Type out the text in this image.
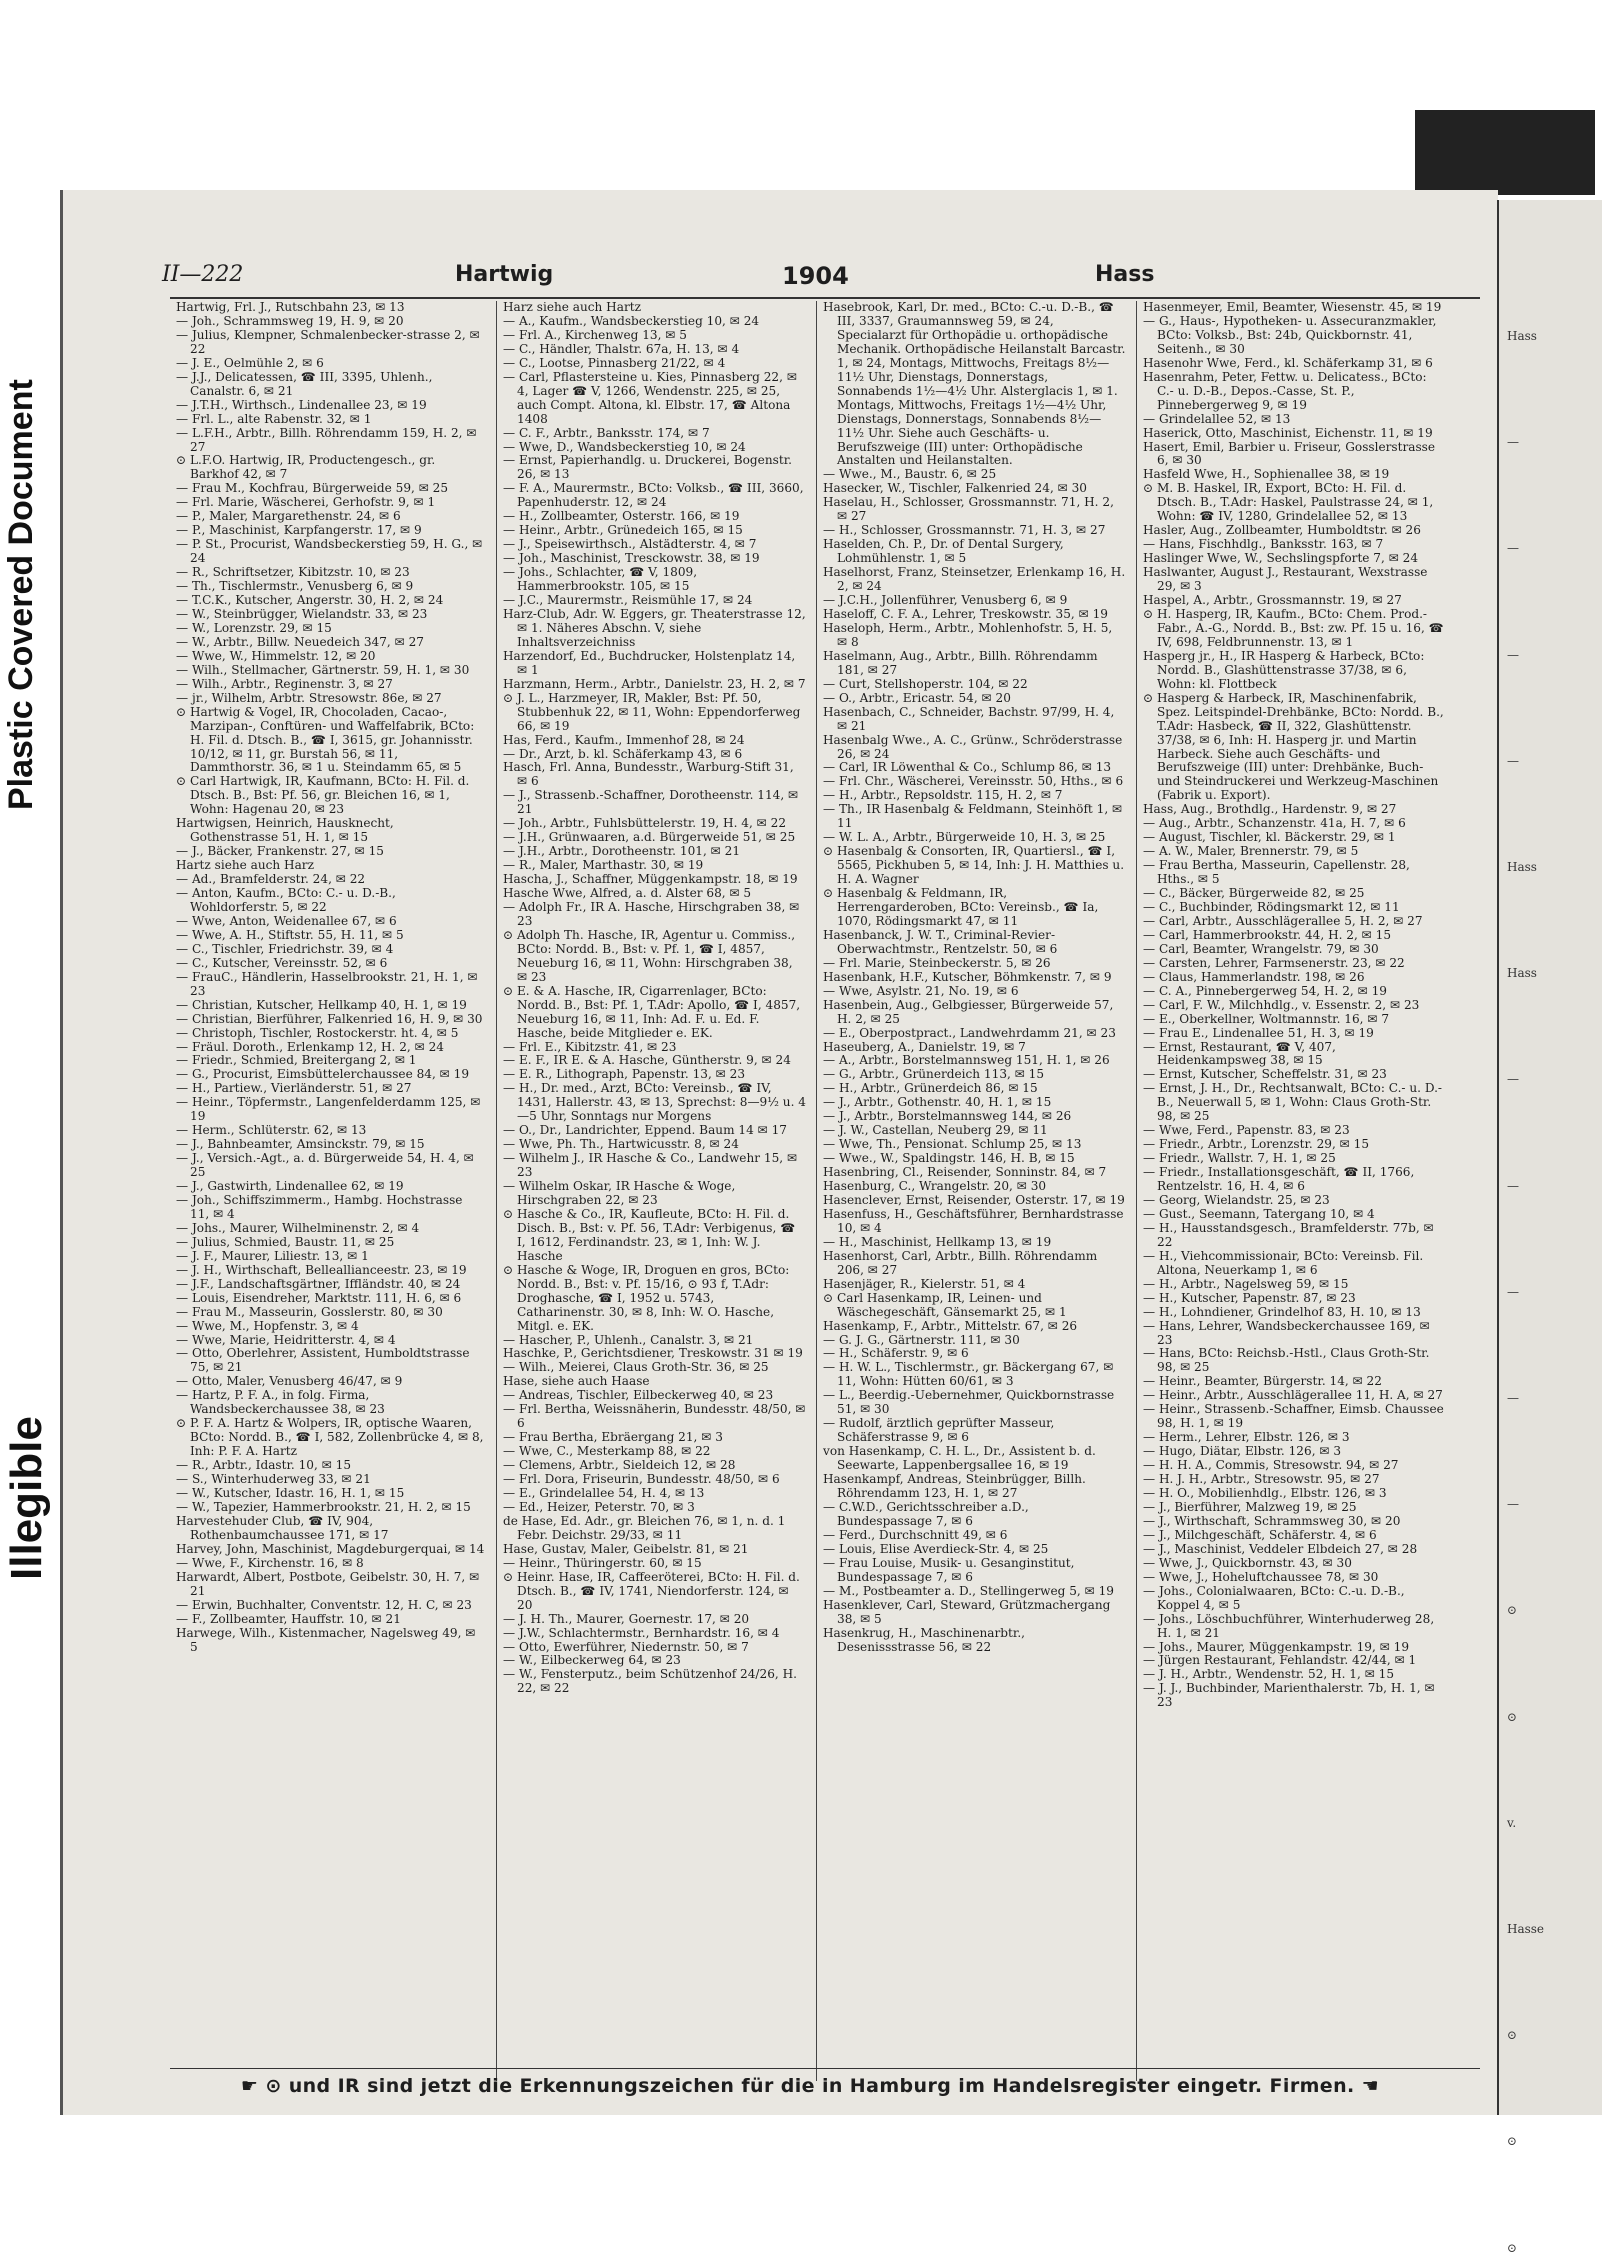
Plastic Covered Document
Illegible
Hass
—
—
—
—
Hass
Hass
—
—
—
—
—
⊙
⊙
v.
Hasse
⊙
⊙
⊙
II—222	Hartwig	1904	Hass
Hartwig, Frl. J., Rutschbahn 23, ✉ 13
— Joh., Schrammsweg 19, H. 9, ✉ 20
— Julius, Klempner, Schmalenbecker-strasse 2, ✉ 22
— J. E., Oelmühle 2, ✉ 6
— J.J., Delicatessen, ☎ III, 3395, Uhlenh., Canalstr. 6, ✉ 21
— J.T.H., Wirthsch., Lindenallee 23, ✉ 19
— Frl. L., alte Rabenstr. 32, ✉ 1
— L.F.H., Arbtr., Billh. Röhrendamm 159, H. 2, ✉ 27
⊙ L.F.O. Hartwig, IR, Productengesch., gr. Barkhof 42, ✉ 7
— Frau M., Kochfrau, Bürgerweide 59, ✉ 25
— Frl. Marie, Wäscherei, Gerhofstr. 9, ✉ 1
— P., Maler, Margarethenstr. 24, ✉ 6
— P., Maschinist, Karpfangerstr. 17, ✉ 9
— P. St., Procurist, Wandsbeckerstieg 59, H. G., ✉ 24
— R., Schriftsetzer, Kibitzstr. 10, ✉ 23
— Th., Tischlermstr., Venusberg 6, ✉ 9
— T.C.K., Kutscher, Angerstr. 30, H. 2, ✉ 24
— W., Steinbrügger, Wielandstr. 33, ✉ 23
— W., Lorenzstr. 29, ✉ 15
— W., Arbtr., Billw. Neuedeich 347, ✉ 27
— Wwe, W., Himmelstr. 12, ✉ 20
— Wilh., Stellmacher, Gärtnerstr. 59, H. 1, ✉ 30
— Wilh., Arbtr., Reginenstr. 3, ✉ 27
— jr., Wilhelm, Arbtr. Stresowstr. 86e, ✉ 27
⊙ Hartwig & Vogel, IR, Chocoladen, Cacao-, Marzipan-, Conftüren- und Waffelfabrik, BCto: H. Fil. d. Dtsch. B., ☎ I, 3615, gr. Johannisstr. 10/12, ✉ 11, gr. Burstah 56, ✉ 11, Dammthorstr. 36, ✉ 1 u. Steindamm 65, ✉ 5
⊙ Carl Hartwigk, IR, Kaufmann, BCto: H. Fil. d. Dtsch. B., Bst: Pf. 56, gr. Bleichen 16, ✉ 1, Wohn: Hagenau 20, ✉ 23
Hartwigsen, Heinrich, Hausknecht, Gothenstrasse 51, H. 1, ✉ 15
— J., Bäcker, Frankenstr. 27, ✉ 15
Hartz siehe auch Harz
— Ad., Bramfelderstr. 24, ✉ 22
— Anton, Kaufm., BCto: C.- u. D.-B., Wohldorferstr. 5, ✉ 22
— Wwe, Anton, Weidenallee 67, ✉ 6
— Wwe, A. H., Stiftstr. 55, H. 11, ✉ 5
— C., Tischler, Friedrichstr. 39, ✉ 4
— C., Kutscher, Vereinsstr. 52, ✉ 6
— FrauC., Händlerin, Hasselbrookstr. 21, H. 1, ✉ 23
— Christian, Kutscher, Hellkamp 40, H. 1, ✉ 19
— Christian, Bierführer, Falkenried 16, H. 9, ✉ 30
— Christoph, Tischler, Rostockerstr. ht. 4, ✉ 5
— Fräul. Doroth., Erlenkamp 12, H. 2, ✉ 24
— Friedr., Schmied, Breitergang 2, ✉ 1
— G., Procurist, Eimsbüttelerchaussee 84, ✉ 19
— H., Partiew., Vierländerstr. 51, ✉ 27
— Heinr., Töpfermstr., Langenfelderdamm 125, ✉ 19
— Herm., Schlüterstr. 62, ✉ 13
— J., Bahnbeamter, Amsinckstr. 79, ✉ 15
— J., Versich.-Agt., a. d. Bürgerweide 54, H. 4, ✉ 25
— J., Gastwirth, Lindenallee 62, ✉ 19
— Joh., Schiffszimmerm., Hambg. Hochstrasse 11, ✉ 4
— Johs., Maurer, Wilhelminenstr. 2, ✉ 4
— Julius, Schmied, Baustr. 11, ✉ 25
— J. F., Maurer, Liliestr. 13, ✉ 1
— J. H., Wirthschaft, Belleallianceestr. 23, ✉ 19
— J.F., Landschaftsgärtner, Iffländstr. 40, ✉ 24
— Louis, Eisendreher, Marktstr. 111, H. 6, ✉ 6
— Frau M., Masseurin, Gosslerstr. 80, ✉ 30
— Wwe, M., Hopfenstr. 3, ✉ 4
— Wwe, Marie, Heidritterstr. 4, ✉ 4
— Otto, Oberlehrer, Assistent, Humboldtstrasse 75, ✉ 21
— Otto, Maler, Venusberg 46/47, ✉ 9
— Hartz, P. F. A., in folg. Firma, Wandsbeckerchaussee 38, ✉ 23
⊙ P. F. A. Hartz & Wolpers, IR, optische Waaren, BCto: Nordd. B., ☎ I, 582, Zollenbrücke 4, ✉ 8, Inh: P. F. A. Hartz
— R., Arbtr., Idastr. 10, ✉ 15
— S., Winterhuderweg 33, ✉ 21
— W., Kutscher, Idastr. 16, H. 1, ✉ 15
— W., Tapezier, Hammerbrookstr. 21, H. 2, ✉ 15
Harvestehuder Club, ☎ IV, 904, Rothenbaumchaussee 171, ✉ 17
Harvey, John, Maschinist, Magdeburgerquai, ✉ 14
— Wwe, F., Kirchenstr. 16, ✉ 8
Harwardt, Albert, Postbote, Geibelstr. 30, H. 7, ✉ 21
— Erwin, Buchhalter, Conventstr. 12, H. C, ✉ 23
— F., Zollbeamter, Hauffstr. 10, ✉ 21
Harwege, Wilh., Kistenmacher, Nagelsweg 49, ✉ 5
Harz siehe auch Hartz
— A., Kaufm., Wandsbeckerstieg 10, ✉ 24
— Frl. A., Kirchenweg 13, ✉ 5
— C., Händler, Thalstr. 67a, H. 13, ✉ 4
— C., Lootse, Pinnasberg 21/22, ✉ 4
— Carl, Pflastersteine u. Kies, Pinnasberg 22, ✉ 4, Lager ☎ V, 1266, Wendenstr. 225, ✉ 25, auch Compt. Altona, kl. Elbstr. 17, ☎ Altona 1408
— C. F., Arbtr., Banksstr. 174, ✉ 7
— Wwe, D., Wandsbeckerstieg 10, ✉ 24
— Ernst, Papierhandlg. u. Druckerei, Bogenstr. 26, ✉ 13
— F. A., Maurermstr., BCto: Volksb., ☎ III, 3660, Papenhuderstr. 12, ✉ 24
— H., Zollbeamter, Osterstr. 166, ✉ 19
— Heinr., Arbtr., Grünedeich 165, ✉ 15
— J., Speisewirthsch., Alstädterstr. 4, ✉ 7
— Joh., Maschinist, Tresckowstr. 38, ✉ 19
— Johs., Schlachter, ☎ V, 1809, Hammerbrookstr. 105, ✉ 15
— J.C., Maurermstr., Reismühle 17, ✉ 24
Harz-Club, Adr. W. Eggers, gr. Theaterstrasse 12, ✉ 1. Näheres Abschn. V, siehe Inhaltsverzeichniss
Harzendorf, Ed., Buchdrucker, Holstenplatz 14, ✉ 1
Harzmann, Herm., Arbtr., Danielstr. 23, H. 2, ✉ 7
⊙ J. L., Harzmeyer, IR, Makler, Bst: Pf. 50, Stubbenhuk 22, ✉ 11, Wohn: Eppendorferweg 66, ✉ 19
Has, Ferd., Kaufm., Immenhof 28, ✉ 24
— Dr., Arzt, b. kl. Schäferkamp 43, ✉ 6
Hasch, Frl. Anna, Bundesstr., Warburg-Stift 31, ✉ 6
— J., Strassenb.-Schaffner, Dorotheenstr. 114, ✉ 21
— Joh., Arbtr., Fuhlsbüttelerstr. 19, H. 4, ✉ 22
— J.H., Grünwaaren, a.d. Bürgerweide 51, ✉ 25
— J.H., Arbtr., Dorotheenstr. 101, ✉ 21
— R., Maler, Marthastr. 30, ✉ 19
Hascha, J., Schaffner, Müggenkampstr. 18, ✉ 19
Hasche Wwe, Alfred, a. d. Alster 68, ✉ 5
— Adolph Fr., IR A. Hasche, Hirschgraben 38, ✉ 23
⊙ Adolph Th. Hasche, IR, Agentur u. Commiss., BCto: Nordd. B., Bst: v. Pf. 1, ☎ I, 4857, Neueburg 16, ✉ 11, Wohn: Hirschgraben 38, ✉ 23
⊙ E. & A. Hasche, IR, Cigarrenlager, BCto: Nordd. B., Bst: Pf. 1, T.Adr: Apollo, ☎ I, 4857, Neueburg 16, ✉ 11, Inh: Ad. F. u. Ed. F. Hasche, beide Mitglieder e. EK.
— Frl. E., Kibitzstr. 41, ✉ 23
— E. F., IR E. & A. Hasche, Güntherstr. 9, ✉ 24
— E. R., Lithograph, Papenstr. 13, ✉ 23
— H., Dr. med., Arzt, BCto: Vereinsb., ☎ IV, 1431, Hallerstr. 43, ✉ 13, Sprechst: 8—9½ u. 4—5 Uhr, Sonntags nur Morgens
— O., Dr., Landrichter, Eppend. Baum 14 ✉ 17
— Wwe, Ph. Th., Hartwicusstr. 8, ✉ 24
— Wilhelm J., IR Hasche & Co., Landwehr 15, ✉ 23
— Wilhelm Oskar, IR Hasche & Woge, Hirschgraben 22, ✉ 23
⊙ Hasche & Co., IR, Kaufleute, BCto: H. Fil. d. Disch. B., Bst: v. Pf. 56, T.Adr: Verbigenus, ☎ I, 1612, Ferdinandstr. 23, ✉ 1, Inh: W. J. Hasche
⊙ Hasche & Woge, IR, Droguen en gros, BCto: Nordd. B., Bst: v. Pf. 15/16, ⊙ 93 f, T.Adr: Droghasche, ☎ I, 1952 u. 5743, Catharinenstr. 30, ✉ 8, Inh: W. O. Hasche, Mitgl. e. EK.
— Hascher, P., Uhlenh., Canalstr. 3, ✉ 21
Haschke, P., Gerichtsdiener, Treskowstr. 31 ✉ 19
— Wilh., Meierei, Claus Groth-Str. 36, ✉ 25
Hase, siehe auch Haase
— Andreas, Tischler, Eilbeckerweg 40, ✉ 23
— Frl. Bertha, Weissnäherin, Bundesstr. 48/50, ✉ 6
— Frau Bertha, Ebräergang 21, ✉ 3
— Wwe, C., Mesterkamp 88, ✉ 22
— Clemens, Arbtr., Sieldeich 12, ✉ 28
— Frl. Dora, Friseurin, Bundesstr. 48/50, ✉ 6
— E., Grindelallee 54, H. 4, ✉ 13
— Ed., Heizer, Peterstr. 70, ✉ 3
de Hase, Ed. Adr., gr. Bleichen 76, ✉ 1, n. d. 1 Febr. Deichstr. 29/33, ✉ 11
Hase, Gustav, Maler, Geibelstr. 81, ✉ 21
— Heinr., Thüringerstr. 60, ✉ 15
⊙ Heinr. Hase, IR, Caffeeröterei, BCto: H. Fil. d. Dtsch. B., ☎ IV, 1741, Niendorferstr. 124, ✉ 20
— J. H. Th., Maurer, Goernestr. 17, ✉ 20
— J.W., Schlachtermstr., Bernhardstr. 16, ✉ 4
— Otto, Ewerführer, Niedernstr. 50, ✉ 7
— W., Eilbeckerweg 64, ✉ 23
— W., Fensterputz., beim Schützenhof 24/26, H. 22, ✉ 22
Hasebrook, Karl, Dr. med., BCto: C.-u. D.-B., ☎ III, 3337, Graumannsweg 59, ✉ 24, Specialarzt für Orthopädie u. orthopädische Mechanik. Orthopädische Heilanstalt Barcastr. 1, ✉ 24, Montags, Mittwochs, Freitags 8½—11½ Uhr, Dienstags, Donnerstags, Sonnabends 1½—4½ Uhr. Alsterglacis 1, ✉ 1. Montags, Mittwochs, Freitags 1½—4½ Uhr, Dienstags, Donnerstags, Sonnabends 8½—11½ Uhr. Siehe auch Geschäfts- u. Berufszweige (III) unter: Orthopädische Anstalten und Heilanstalten.
— Wwe., M., Baustr. 6, ✉ 25
Hasecker, W., Tischler, Falkenried 24, ✉ 30
Haselau, H., Schlosser, Grossmannstr. 71, H. 2, ✉ 27
— H., Schlosser, Grossmannstr. 71, H. 3, ✉ 27
Haselden, Ch. P., Dr. of Dental Surgery, Lohmühlenstr. 1, ✉ 5
Haselhorst, Franz, Steinsetzer, Erlenkamp 16, H. 2, ✉ 24
— J.C.H., Jollenführer, Venusberg 6, ✉ 9
Haseloff, C. F. A., Lehrer, Treskowstr. 35, ✉ 19
Haseloph, Herm., Arbtr., Mohlenhofstr. 5, H. 5, ✉ 8
Haselmann, Aug., Arbtr., Billh. Röhrendamm 181, ✉ 27
— Curt, Stellshoperstr. 104, ✉ 22
— O., Arbtr., Ericastr. 54, ✉ 20
Hasenbach, C., Schneider, Bachstr. 97/99, H. 4, ✉ 21
Hasenbalg Wwe., A. C., Grünw., Schröderstrasse 26, ✉ 24
— Carl, IR Löwenthal & Co., Schlump 86, ✉ 13
— Frl. Chr., Wäscherei, Vereinsstr. 50, Hths., ✉ 6
— H., Arbtr., Repsoldstr. 115, H. 2, ✉ 7
— Th., IR Hasenbalg & Feldmann, Steinhöft 1, ✉ 11
— W. L. A., Arbtr., Bürgerweide 10, H. 3, ✉ 25
⊙ Hasenbalg & Consorten, IR, Quartiersl., ☎ I, 5565, Pickhuben 5, ✉ 14, Inh: J. H. Matthies u. H. A. Wagner
⊙ Hasenbalg & Feldmann, IR, Herrengarderoben, BCto: Vereinsb., ☎ Ia, 1070, Rödingsmarkt 47, ✉ 11
Hasenbanck, J. W. T., Criminal-Revier-Oberwachtmstr., Rentzelstr. 50, ✉ 6
— Frl. Marie, Steinbeckerstr. 5, ✉ 26
Hasenbank, H.F., Kutscher, Böhmkenstr. 7, ✉ 9
— Wwe, Asylstr. 21, No. 19, ✉ 6
Hasenbein, Aug., Gelbgiesser, Bürgerweide 57, H. 2, ✉ 25
— E., Oberpostpract., Landwehrdamm 21, ✉ 23
Haseuberg, A., Danielstr. 19, ✉ 7
— A., Arbtr., Borstelmannsweg 151, H. 1, ✉ 26
— G., Arbtr., Grünerdeich 113, ✉ 15
— H., Arbtr., Grünerdeich 86, ✉ 15
— J., Arbtr., Gothenstr. 40, H. 1, ✉ 15
— J., Arbtr., Borstelmannsweg 144, ✉ 26
— J. W., Castellan, Neuberg 29, ✉ 11
— Wwe, Th., Pensionat. Schlump 25, ✉ 13
— Wwe., W., Spaldingstr. 146, H. B, ✉ 15
Hasenbring, Cl., Reisender, Sonninstr. 84, ✉ 7
Hasenburg, C., Wrangelstr. 20, ✉ 30
Hasenclever, Ernst, Reisender, Osterstr. 17, ✉ 19
Hasenfuss, H., Geschäftsführer, Bernhardstrasse 10, ✉ 4
— H., Maschinist, Hellkamp 13, ✉ 19
Hasenhorst, Carl, Arbtr., Billh. Röhrendamm 206, ✉ 27
Hasenjäger, R., Kielerstr. 51, ✉ 4
⊙ Carl Hasenkamp, IR, Leinen- und Wäschegeschäft, Gänsemarkt 25, ✉ 1
Hasenkamp, F., Arbtr., Mittelstr. 67, ✉ 26
— G. J. G., Gärtnerstr. 111, ✉ 30
— H., Schäferstr. 9, ✉ 6
— H. W. L., Tischlermstr., gr. Bäckergang 67, ✉ 11, Wohn: Hütten 60/61, ✉ 3
— L., Beerdig.-Uebernehmer, Quickbornstrasse 51, ✉ 30
— Rudolf, ärztlich geprüfter Masseur, Schäferstrasse 9, ✉ 6
von Hasenkamp, C. H. L., Dr., Assistent b. d. Seewarte, Lappenbergsallee 16, ✉ 19
Hasenkampf, Andreas, Steinbrügger, Billh. Röhrendamm 123, H. 1, ✉ 27
— C.W.D., Gerichtsschreiber a.D., Bundespassage 7, ✉ 6
— Ferd., Durchschnitt 49, ✉ 6
— Louis, Elise Averdieck-Str. 4, ✉ 25
— Frau Louise, Musik- u. Gesanginstitut, Bundespassage 7, ✉ 6
— M., Postbeamter a. D., Stellingerweg 5, ✉ 19
Hasenklever, Carl, Steward, Grützmachergang 38, ✉ 5
Hasenkrug, H., Maschinenarbtr., Desenissstrasse 56, ✉ 22
Hasenmeyer, Emil, Beamter, Wiesenstr. 45, ✉ 19
— G., Haus-, Hypotheken- u. Assecuranzmakler, BCto: Volksb., Bst: 24b, Quickbornstr. 41, Seitenh., ✉ 30
Hasenohr Wwe, Ferd., kl. Schäferkamp 31, ✉ 6
Hasenrahm, Peter, Fettw. u. Delicatess., BCto: C.- u. D.-B., Depos.-Casse, St. P., Pinnebergerweg 9, ✉ 19
— Grindelallee 52, ✉ 13
Haserick, Otto, Maschinist, Eichenstr. 11, ✉ 19
Hasert, Emil, Barbier u. Friseur, Gosslerstrasse 6, ✉ 30
Hasfeld Wwe, H., Sophienallee 38, ✉ 19
⊙ M. B. Haskel, IR, Export, BCto: H. Fil. d. Dtsch. B., T.Adr: Haskel, Paulstrasse 24, ✉ 1, Wohn: ☎ IV, 1280, Grindelallee 52, ✉ 13
Hasler, Aug., Zollbeamter, Humboldtstr. ✉ 26
— Hans, Fischhdlg., Banksstr. 163, ✉ 7
Haslinger Wwe, W., Sechslingspforte 7, ✉ 24
Haslwanter, August J., Restaurant, Wexstrasse 29, ✉ 3
Haspel, A., Arbtr., Grossmannstr. 19, ✉ 27
⊙ H. Hasperg, IR, Kaufm., BCto: Chem. Prod.-Fabr., A.-G., Nordd. B., Bst: zw. Pf. 15 u. 16, ☎ IV, 698, Feldbrunnenstr. 13, ✉ 1
Hasperg jr., H., IR Hasperg & Harbeck, BCto: Nordd. B., Glashüttenstrasse 37/38, ✉ 6, Wohn: kl. Flottbeck
⊙ Hasperg & Harbeck, IR, Maschinenfabrik, Spez. Leitspindel-Drehbänke, BCto: Nordd. B., T.Adr: Hasbeck, ☎ II, 322, Glashüttenstr. 37/38, ✉ 6, Inh: H. Hasperg jr. und Martin Harbeck. Siehe auch Geschäfts- und Berufszweige (III) unter: Drehbänke, Buch- und Steindruckerei und Werkzeug-Maschinen (Fabrik u. Export).
Hass, Aug., Brothdlg., Hardenstr. 9, ✉ 27
— Aug., Arbtr., Schanzenstr. 41a, H. 7, ✉ 6
— August, Tischler, kl. Bäckerstr. 29, ✉ 1
— A. W., Maler, Brennerstr. 79, ✉ 5
— Frau Bertha, Masseurin, Capellenstr. 28, Hths., ✉ 5
— C., Bäcker, Bürgerweide 82, ✉ 25
— C., Buchbinder, Rödingsmarkt 12, ✉ 11
— Carl, Arbtr., Ausschlägerallee 5, H. 2, ✉ 27
— Carl, Hammerbrookstr. 44, H. 2, ✉ 15
— Carl, Beamter, Wrangelstr. 79, ✉ 30
— Carsten, Lehrer, Farmsenerstr. 23, ✉ 22
— Claus, Hammerlandstr. 198, ✉ 26
— C. A., Pinnebergerweg 54, H. 2, ✉ 19
— Carl, F. W., Milchhdlg., v. Essenstr. 2, ✉ 23
— E., Oberkellner, Woltmannstr. 16, ✉ 7
— Frau E., Lindenallee 51, H. 3, ✉ 19
— Ernst, Restaurant, ☎ V, 407, Heidenkampsweg 38, ✉ 15
— Ernst, Kutscher, Scheffelstr. 31, ✉ 23
— Ernst, J. H., Dr., Rechtsanwalt, BCto: C.- u. D.-B., Neuerwall 5, ✉ 1, Wohn: Claus Groth-Str. 98, ✉ 25
— Wwe, Ferd., Papenstr. 83, ✉ 23
— Friedr., Arbtr., Lorenzstr. 29, ✉ 15
— Friedr., Wallstr. 7, H. 1, ✉ 25
— Friedr., Installationsgeschäft, ☎ II, 1766, Rentzelstr. 16, H. 4, ✉ 6
— Georg, Wielandstr. 25, ✉ 23
— Gust., Seemann, Tatergang 10, ✉ 4
— H., Hausstandsgesch., Bramfelderstr. 77b, ✉ 22
— H., Viehcommissionair, BCto: Vereinsb. Fil. Altona, Neuerkamp 1, ✉ 6
— H., Arbtr., Nagelsweg 59, ✉ 15
— H., Kutscher, Papenstr. 87, ✉ 23
— H., Lohndiener, Grindelhof 83, H. 10, ✉ 13
— Hans, Lehrer, Wandsbeckerchaussee 169, ✉ 23
— Hans, BCto: Reichsb.-Hstl., Claus Groth-Str. 98, ✉ 25
— Heinr., Beamter, Bürgerstr. 14, ✉ 22
— Heinr., Arbtr., Ausschlägerallee 11, H. A, ✉ 27
— Heinr., Strassenb.-Schaffner, Eimsb. Chaussee 98, H. 1, ✉ 19
— Herm., Lehrer, Elbstr. 126, ✉ 3
— Hugo, Diätar, Elbstr. 126, ✉ 3
— H. H. A., Commis, Stresowstr. 94, ✉ 27
— H. J. H., Arbtr., Stresowstr. 95, ✉ 27
— H. O., Mobilienhdlg., Elbstr. 126, ✉ 3
— J., Bierführer, Malzweg 19, ✉ 25
— J., Wirthschaft, Schrammsweg 30, ✉ 20
— J., Milchgeschäft, Schäferstr. 4, ✉ 6
— J., Maschinist, Veddeler Elbdeich 27, ✉ 28
— Wwe, J., Quickbornstr. 43, ✉ 30
— Wwe, J., Hoheluftchaussee 78, ✉ 30
— Johs., Colonialwaaren, BCto: C.-u. D.-B., Koppel 4, ✉ 5
— Johs., Löschbuchführer, Winterhuderweg 28, H. 1, ✉ 21
— Johs., Maurer, Müggenkampstr. 19, ✉ 19
— Jürgen Restaurant, Fehlandstr. 42/44, ✉ 1
— J. H., Arbtr., Wendenstr. 52, H. 1, ✉ 15
— J. J., Buchbinder, Marienthalerstr. 7b, H. 1, ✉ 23
☛ ⊙ und IR sind jetzt die Erkennungszeichen für die in Hamburg im Handelsregister eingetr. Firmen. ☚
